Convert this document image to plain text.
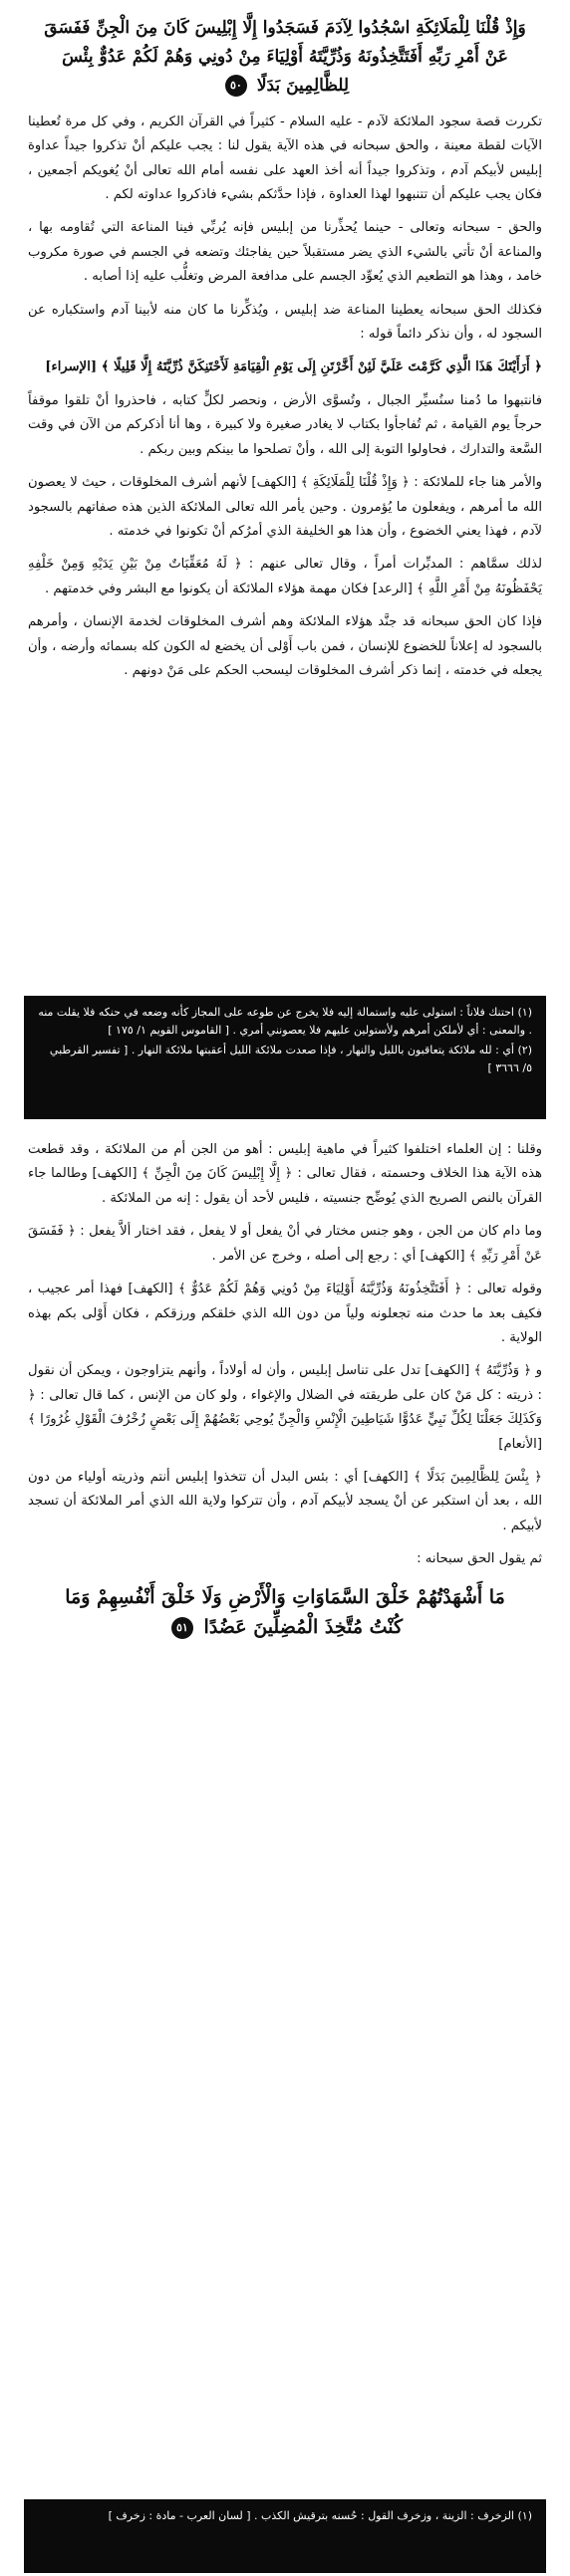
وَإِذْ قُلْنَا لِلْمَلَائِكَةِ اسْجُدُوا لِآدَمَ فَسَجَدُوا إِلَّا إِبْلِيسَ كَانَ مِنَ الْجِنِّ فَفَسَقَ عَنْ أَمْرِ رَبِّهِ أَفَتَتَّخِذُونَهُ وَذُرِّيَّتَهُ أَوْلِيَاءَ مِنْ دُونِي وَهُمْ لَكُمْ عَدُوٌّ بِئْسَ لِلظَّالِمِينَ بَدَلًا ٥٠

تكررت قصة سجود الملائكة لآدم - عليه السلام - كثيراً في القرآن الكريم ، وفي كل مرة تُعطينا الآيات لقطة معينة ، والحق سبحانه في هذه الآية يقول لنا : يجب عليكم أنْ تذكروا جيداً عداوة إبليس لأبيكم آدم ، وتذكروا جيداً أنه أخذ العهد على نفسه أمام الله تعالى أنْ يُغويكم أجمعين ، فكان يجب عليكم أن تتنبهوا لهذا العداوة ، فإذا حدَّثكم بشيء فاذكروا عداوته لكم .

والحق - سبحانه وتعالى - حينما يُحذِّرنا من إبليس فإنه يُربِّي فينا المناعة التي تُقاومه بها ، والمناعة أنْ تأتي بالشيء الذي يضر مستقبلاً حين يفاجئك وتضعه في الجسم في صورة مكروب خامد ، وهذا هو التطعيم الذي يُعوِّد الجسم على مدافعة المرض وتغلُّب عليه إذا أصابه .

فكذلك الحق سبحانه يعطينا المناعة ضد إبليس ، ويُذكِّرنا ما كان منه لأبينا آدم واستكباره عن السجود له ، وأن نذكر دائماً قوله :

﴿ أَرَأَيْتَكَ هَذَا الَّذِي كَرَّمْتَ عَلَيَّ لَئِنْ أَخَّرْتَنِ إِلَى يَوْمِ الْقِيَامَةِ لَأَحْتَنِكَنَّ ذُرِّيَّتَهُ إِلَّا قَلِيلًا ﴾ [الإسراء]

فانتبهوا ما دُمنا سنُسيِّر الجبال ، وتُسوَّى الأرض ، ونحصر لكلٍّ كتابه ، فاحذروا أنْ تلقوا موقفاً حرجاً يوم القيامة ، ثم تُفاجأوا بكتاب لا يغادر صغيرة ولا كبيرة ، وها أنا أذكركم من الآن في وقت السَّعة والتدارك ، فحاولوا التوبة إلى الله ، وأنْ تصلحوا ما بينكم وبين ربكم .

والأمر هنا جاء للملائكة : ﴿ وَإِذْ قُلْنَا لِلْمَلَائِكَةِ ﴾ [الكهف] لأنهم أشرف المخلوقات ، حيث لا يعصون الله ما أمرهم ، ويفعلون ما يُؤمرون . وحين يأمر الله تعالى الملائكة الذين هذه صفاتهم بالسجود لآدم ، فهذا يعني الخضوع ، وأن هذا هو الخليفة الذي أمرُكم أنْ تكونوا في خدمته .

لذلك سمَّاهم : المدبِّرات أمراً ، وقال تعالى عنهم : ﴿ لَهُ مُعَقِّبَاتٌ مِنْ بَيْنِ يَدَيْهِ وَمِنْ خَلْفِهِ يَحْفَظُونَهُ مِنْ أَمْرِ اللَّهِ ﴾ [الرعد] فكان مهمة هؤلاء الملائكة أن يكونوا مع البشر وفي خدمتهم .

فإذا كان الحق سبحانه قد جنَّد هؤلاء الملائكة وهم أشرف المخلوقات لخدمة الإنسان ، وأمرهم بالسجود له إعلاناً للخضوع للإنسان ، فمن باب أَوْلى أن يخضع له الكون كله بسمائه وأرضه ، وأن يجعله في خدمته ، إنما ذكر أشرف المخلوقات ليسحب الحكم على مَنْ دونهم .

(١) احتنك فلاناً : استولى عليه واستمالة إليه فلا يخرج عن طوعه على المجاز كأنه وضعه في حنكه فلا يقلت منه . والمعنى : أي لأملكن أمرهم ولأستولين عليهم فلا يعصونني أمري . [ القاموس القويم ١/ ١٧٥ ]

(٢) أي : لله ملائكة يتعاقبون بالليل والنهار ، فإذا صعدت ملائكة الليل أعقبتها ملائكة النهار . [ تفسير القرطبي ٥/ ٣٦٦٦ ]

وقلنا : إن العلماء اختلفوا كثيراً في ماهية إبليس : أهو من الجن أم من الملائكة ، وقد قطعت هذه الآية هذا الخلاف وحسمته ، فقال تعالى : ﴿ إِلَّا إِبْلِيسَ كَانَ مِنَ الْجِنِّ ﴾ [الكهف] وطالما جاء القرآن بالنص الصريح الذي يُوضِّح جنسيته ، فليس لأحد أن يقول : إنه من الملائكة .

وما دام كان من الجن ، وهو جنس مختار في أنْ يفعل أو لا يفعل ، فقد اختار ألاَّ يفعل : ﴿ فَفَسَقَ عَنْ أَمْرِ رَبِّهِ ﴾ [الكهف] أي : رجع إلى أصله ، وخرج عن الأمر .

وقوله تعالى : ﴿ أَفَتَتَّخِذُونَهُ وَذُرِّيَّتَهُ أَوْلِيَاءَ مِنْ دُونِي وَهُمْ لَكُمْ عَدُوٌّ ﴾ [الكهف] فهذا أمر عجيب ، فكيف بعد ما حدث منه تجعلونه ولياً من دون الله الذي خلقكم ورزقكم ، فكان أَوْلى بكم بهذه الولاية .

و ﴿ وَذُرِّيَّتَهُ ﴾ [الكهف] تدل على تناسل إبليس ، وأن له أولاداً ، وأنهم يتزاوجون ، ويمكن أن نقول : ذريته : كل مَنْ كان على طريقته في الضلال والإغواء ، ولو كان من الإنس ، كما قال تعالى : ﴿ وَكَذَلِكَ جَعَلْنَا لِكُلِّ نَبِيٍّ عَدُوًّا شَيَاطِينَ الْإِنْسِ وَالْجِنِّ يُوحِي بَعْضُهُمْ إِلَى بَعْضٍ زُخْرُفَ الْقَوْلِ غُرُورًا ﴾ [الأنعام]

﴿ بِئْسَ لِلظَّالِمِينَ بَدَلًا ﴾ [الكهف] أي : بئس البدل أن تتخذوا إبليس أنتم وذريته أولياء من دون الله ، بعد أن استكبر عن أنْ يسجد لأبيكم آدم ، وأن تتركوا ولاية الله الذي أمر الملائكة أن تسجد لأبيكم .

ثم يقول الحق سبحانه :

مَا أَشْهَدْتُهُمْ خَلْقَ السَّمَاوَاتِ وَالْأَرْضِ وَلَا خَلْقَ أَنْفُسِهِمْ وَمَا كُنْتُ مُتَّخِذَ الْمُضِلِّينَ عَضُدًا ٥١

(١) الزخرف : الزينة ، وزخرف القول : حُسنه بترقيش الكذب . [ لسان العرب - مادة : زخرف ]
